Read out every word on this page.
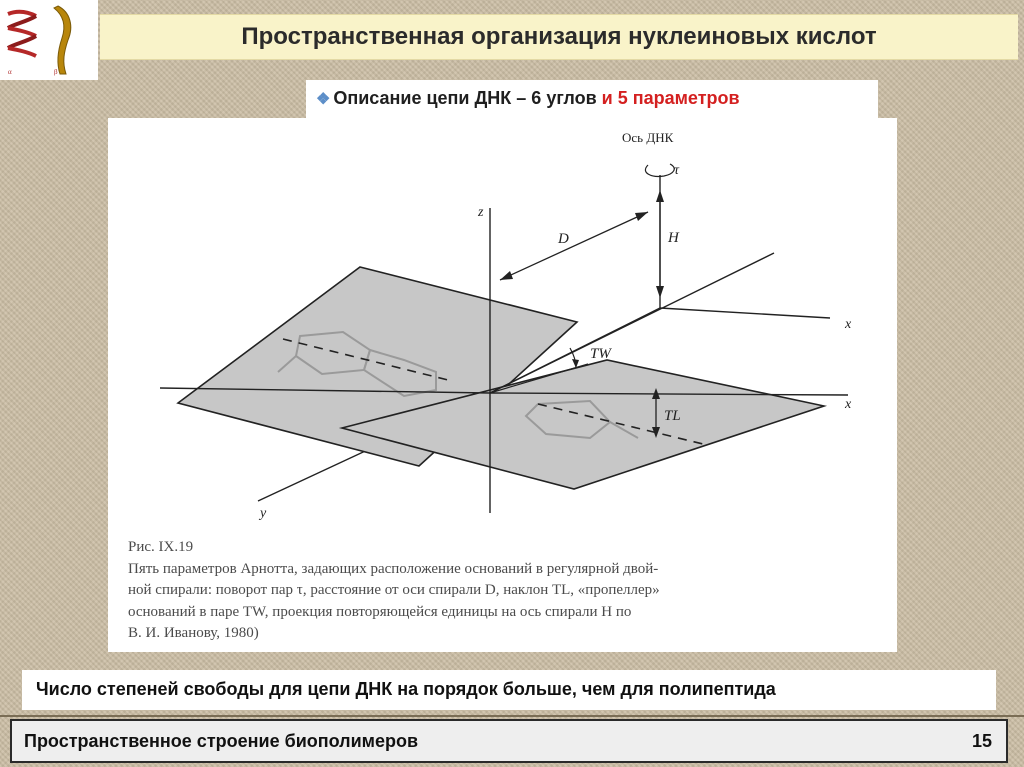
α	β
Пространственная организация нуклеиновых кислот
❖ Описание цепи ДНК – 6 углов и 5 параметров
Ось ДНК
τ
z
D	H
x
TW
x
TL
y
Рис. IX.19
Пять параметров Арнотта, задающих расположение оснований в регулярной двой-
ной спирали: поворот пар τ, расстояние от оси спирали D, наклон TL, «пропеллер»
оснований в паре TW, проекция повторяющейся единицы на ось спирали H по
В. И. Иванову, 1980)
Число степеней свободы для цепи ДНК на порядок больше, чем для полипептида
Пространственное строение биополимеров	15
